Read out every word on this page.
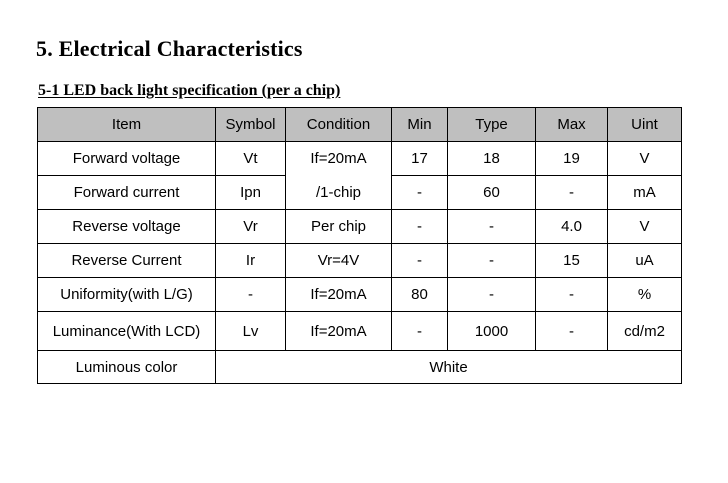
5. Electrical Characteristics
5-1 LED back light specification (per a chip)
Item	Symbol	Condition	Min	Type	Max	Uint
Forward voltage	Vt	If=20mA	17	18	19	V
Forward current	Ipn	/1-chip	-	60	-	mA
Reverse voltage	Vr	Per chip	-	-	4.0	V
Reverse Current	Ir	Vr=4V	-	-	15	uA
Uniformity(with L/G)	-	If=20mA	80	-	-	%
Luminance(With LCD)	Lv	If=20mA	-	1000	-	cd/m2
Luminous color	White					
